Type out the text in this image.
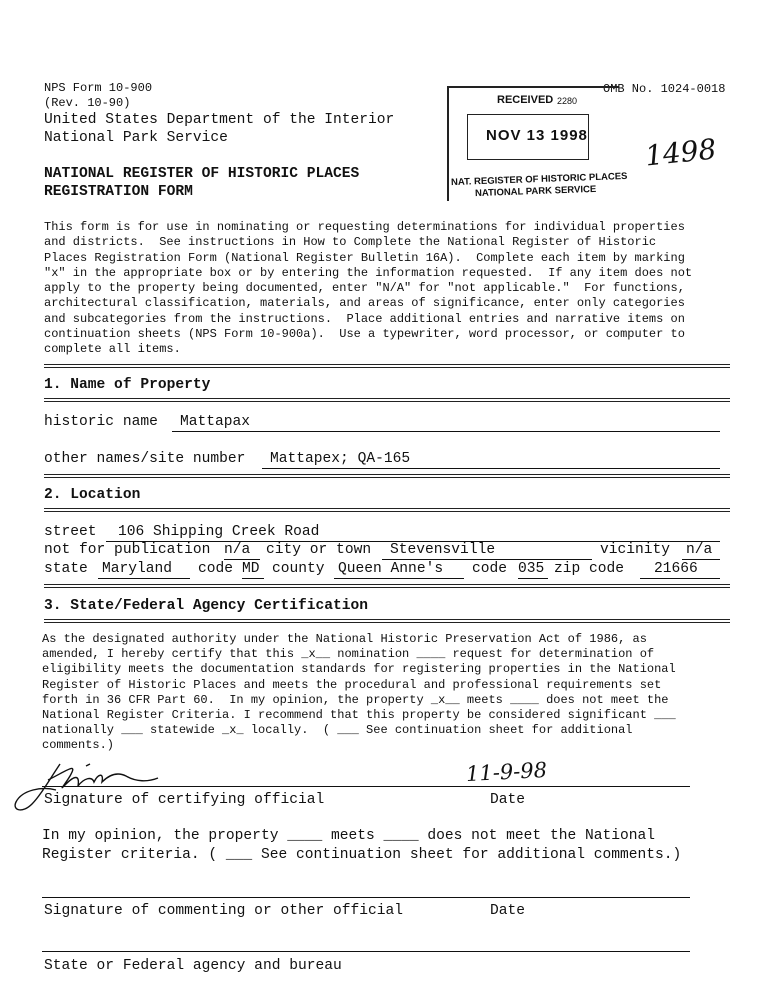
NPS Form 10-900
(Rev. 10-90)
United States Department of the Interior
National Park Service
OMB No. 1024-0018
NATIONAL REGISTER OF HISTORIC PLACES
REGISTRATION FORM
RECEIVED 2280
NOV 13 1998
NAT. REGISTER OF HISTORIC PLACES
NATIONAL PARK SERVICE
1498
This form is for use in nominating or requesting determinations for individual properties
and districts.  See instructions in How to Complete the National Register of Historic
Places Registration Form (National Register Bulletin 16A).  Complete each item by marking
"x" in the appropriate box or by entering the information requested.  If any item does not
apply to the property being documented, enter "N/A" for "not applicable."  For functions,
architectural classification, materials, and areas of significance, enter only categories
and subcategories from the instructions.  Place additional entries and narrative items on
continuation sheets (NPS Form 10-900a).  Use a typewriter, word processor, or computer to
complete all items.
1. Name of Property
historic name	Mattapax
other names/site number	Mattapex; QA-165
2. Location
street	106 Shipping Creek Road
not for publication n/a	city or town	Stevensville	vicinity n/a
state Maryland	code MD county Queen Anne's	code 035 zip code	21666
3. State/Federal Agency Certification
As the designated authority under the National Historic Preservation Act of 1986, as
amended, I hereby certify that this _x__ nomination ____ request for determination of
eligibility meets the documentation standards for registering properties in the National
Register of Historic Places and meets the procedural and professional requirements set
forth in 36 CFR Part 60.  In my opinion, the property _x__ meets ____ does not meet the
National Register Criteria. I recommend that this property be considered significant ___
nationally ___ statewide _x_ locally.  ( ___ See continuation sheet for additional
comments.)
11-9-98
Signature of certifying official	Date
In my opinion, the property ____ meets ____ does not meet the National
Register criteria. ( ___ See continuation sheet for additional comments.)
Signature of commenting or other official	Date
State or Federal agency and bureau
